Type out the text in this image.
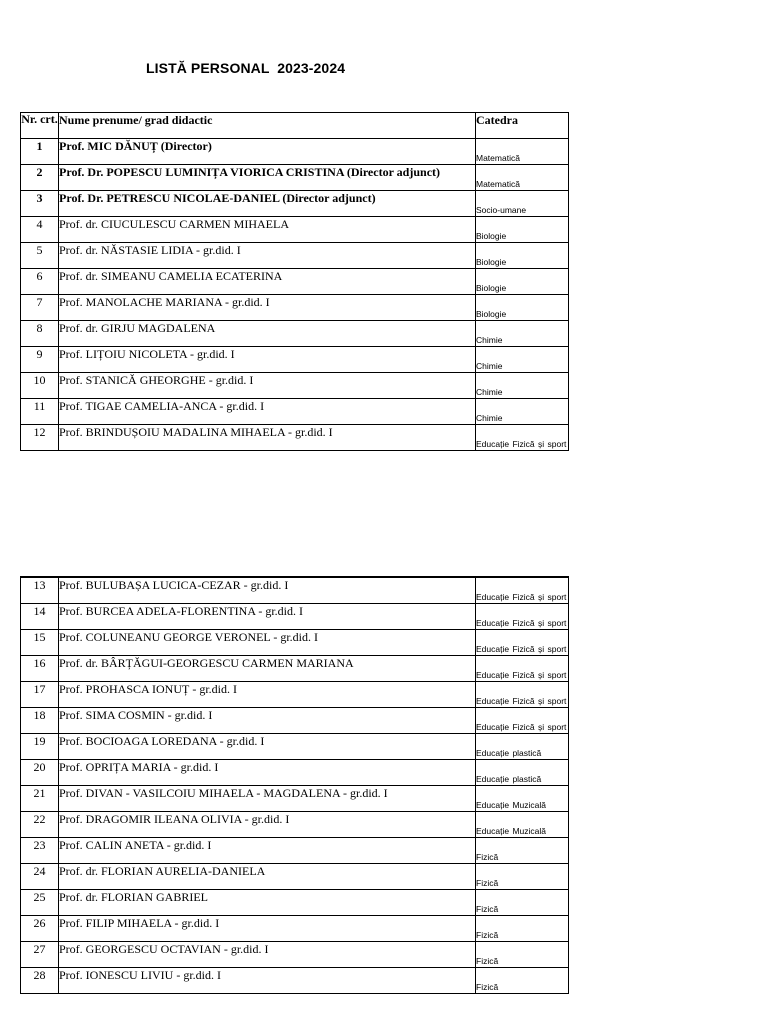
LISTĂ PERSONAL  2023-2024
Nr. crt.	Nume prenume/ grad didactic	Catedra
1	Prof. MIC DĂNUȚ (Director)	Matematică
2	Prof. Dr. POPESCU LUMINIȚA VIORICA CRISTINA (Director adjunct)	Matematică
3	Prof. Dr. PETRESCU NICOLAE-DANIEL (Director adjunct)	Socio-umane
4	Prof. dr. CIUCULESCU CARMEN MIHAELA	Biologie
5	Prof. dr. NĂSTASIE LIDIA - gr.did. I	Biologie
6	Prof. dr. SIMEANU CAMELIA ECATERINA	Biologie
7	Prof. MANOLACHE MARIANA - gr.did. I	Biologie
8	Prof. dr. GIRJU MAGDALENA	Chimie
9	Prof. LIȚOIU NICOLETA - gr.did. I	Chimie
10	Prof. STANICĂ GHEORGHE - gr.did. I	Chimie
11	Prof. TIGAE CAMELIA-ANCA - gr.did. I	Chimie
12	Prof. BRINDUȘOIU MADALINA MIHAELA - gr.did. I	Educație Fizică și sport
13	Prof. BULUBAȘA LUCICA-CEZAR - gr.did. I	Educație Fizică și sport
14	Prof. BURCEA ADELA-FLORENTINA - gr.did. I	Educație Fizică și sport
15	Prof. COLUNEANU GEORGE VERONEL - gr.did. I	Educație Fizică și sport
16	Prof. dr. BÂRȚĂGUI-GEORGESCU CARMEN MARIANA	Educație Fizică și sport
17	Prof. PROHASCA IONUȚ - gr.did. I	Educație Fizică și sport
18	Prof. SIMA COSMIN - gr.did. I	Educație Fizică și sport
19	Prof. BOCIOAGA LOREDANA - gr.did. I	Educație plastică
20	Prof. OPRIȚA MARIA - gr.did. I	Educație plastică
21	Prof. DIVAN - VASILCOIU MIHAELA - MAGDALENA - gr.did. I	Educație Muzicală
22	Prof. DRAGOMIR ILEANA OLIVIA - gr.did. I	Educație Muzicală
23	Prof. CALIN ANETA - gr.did. I	Fizică
24	Prof. dr. FLORIAN AURELIA-DANIELA	Fizică
25	Prof. dr. FLORIAN GABRIEL	Fizică
26	Prof. FILIP MIHAELA - gr.did. I	Fizică
27	Prof. GEORGESCU OCTAVIAN - gr.did. I	Fizică
28	Prof. IONESCU LIVIU - gr.did. I	Fizică
